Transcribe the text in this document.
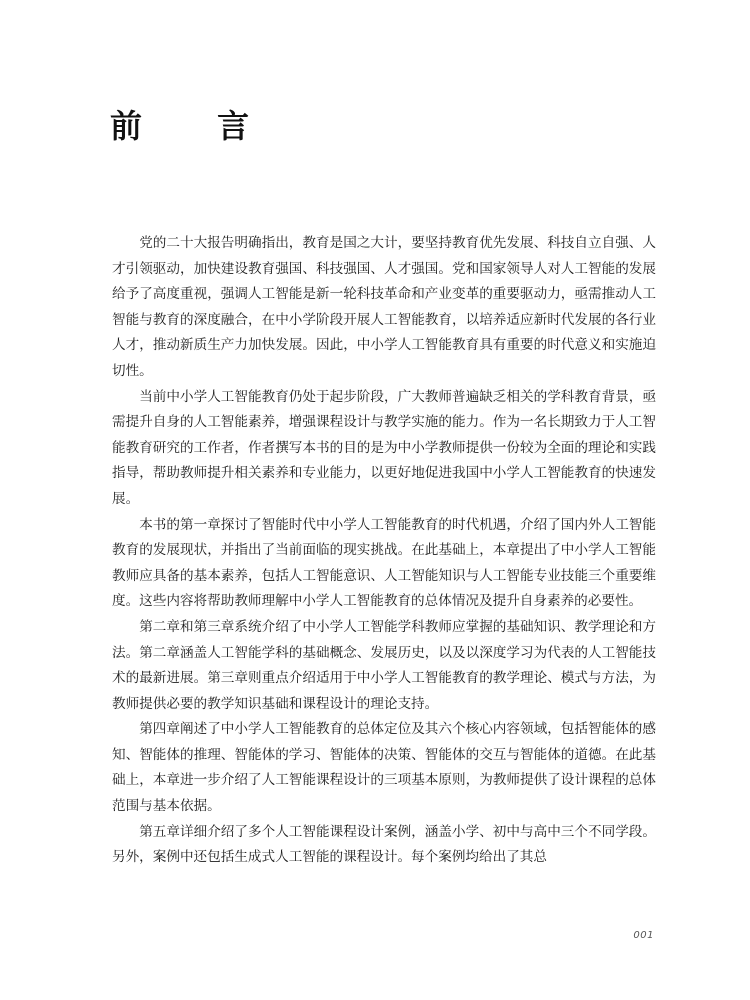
前 言

党的二十大报告明确指出，教育是国之大计，要坚持教育优先发展、科技自立自强、人才引领驱动，加快建设教育强国、科技强国、人才强国。党和国家领导人对人工智能的发展给予了高度重视，强调人工智能是新一轮科技革命和产业变革的重要驱动力，亟需推动人工智能与教育的深度融合，在中小学阶段开展人工智能教育，以培养适应新时代发展的各行业人才，推动新质生产力加快发展。因此，中小学人工智能教育具有重要的时代意义和实施迫切性。

当前中小学人工智能教育仍处于起步阶段，广大教师普遍缺乏相关的学科教育背景，亟需提升自身的人工智能素养，增强课程设计与教学实施的能力。作为一名长期致力于人工智能教育研究的工作者，作者撰写本书的目的是为中小学教师提供一份较为全面的理论和实践指导，帮助教师提升相关素养和专业能力，以更好地促进我国中小学人工智能教育的快速发展。

本书的第一章探讨了智能时代中小学人工智能教育的时代机遇，介绍了国内外人工智能教育的发展现状，并指出了当前面临的现实挑战。在此基础上，本章提出了中小学人工智能教师应具备的基本素养，包括人工智能意识、人工智能知识与人工智能专业技能三个重要维度。这些内容将帮助教师理解中小学人工智能教育的总体情况及提升自身素养的必要性。

第二章和第三章系统介绍了中小学人工智能学科教师应掌握的基础知识、教学理论和方法。第二章涵盖人工智能学科的基础概念、发展历史，以及以深度学习为代表的人工智能技术的最新进展。第三章则重点介绍适用于中小学人工智能教育的教学理论、模式与方法，为教师提供必要的教学知识基础和课程设计的理论支持。

第四章阐述了中小学人工智能教育的总体定位及其六个核心内容领域，包括智能体的感知、智能体的推理、智能体的学习、智能体的决策、智能体的交互与智能体的道德。在此基础上，本章进一步介绍了人工智能课程设计的三项基本原则，为教师提供了设计课程的总体范围与基本依据。

第五章详细介绍了多个人工智能课程设计案例，涵盖小学、初中与高中三个不同学段。另外，案例中还包括生成式人工智能的课程设计。每个案例均给出了其总

001
